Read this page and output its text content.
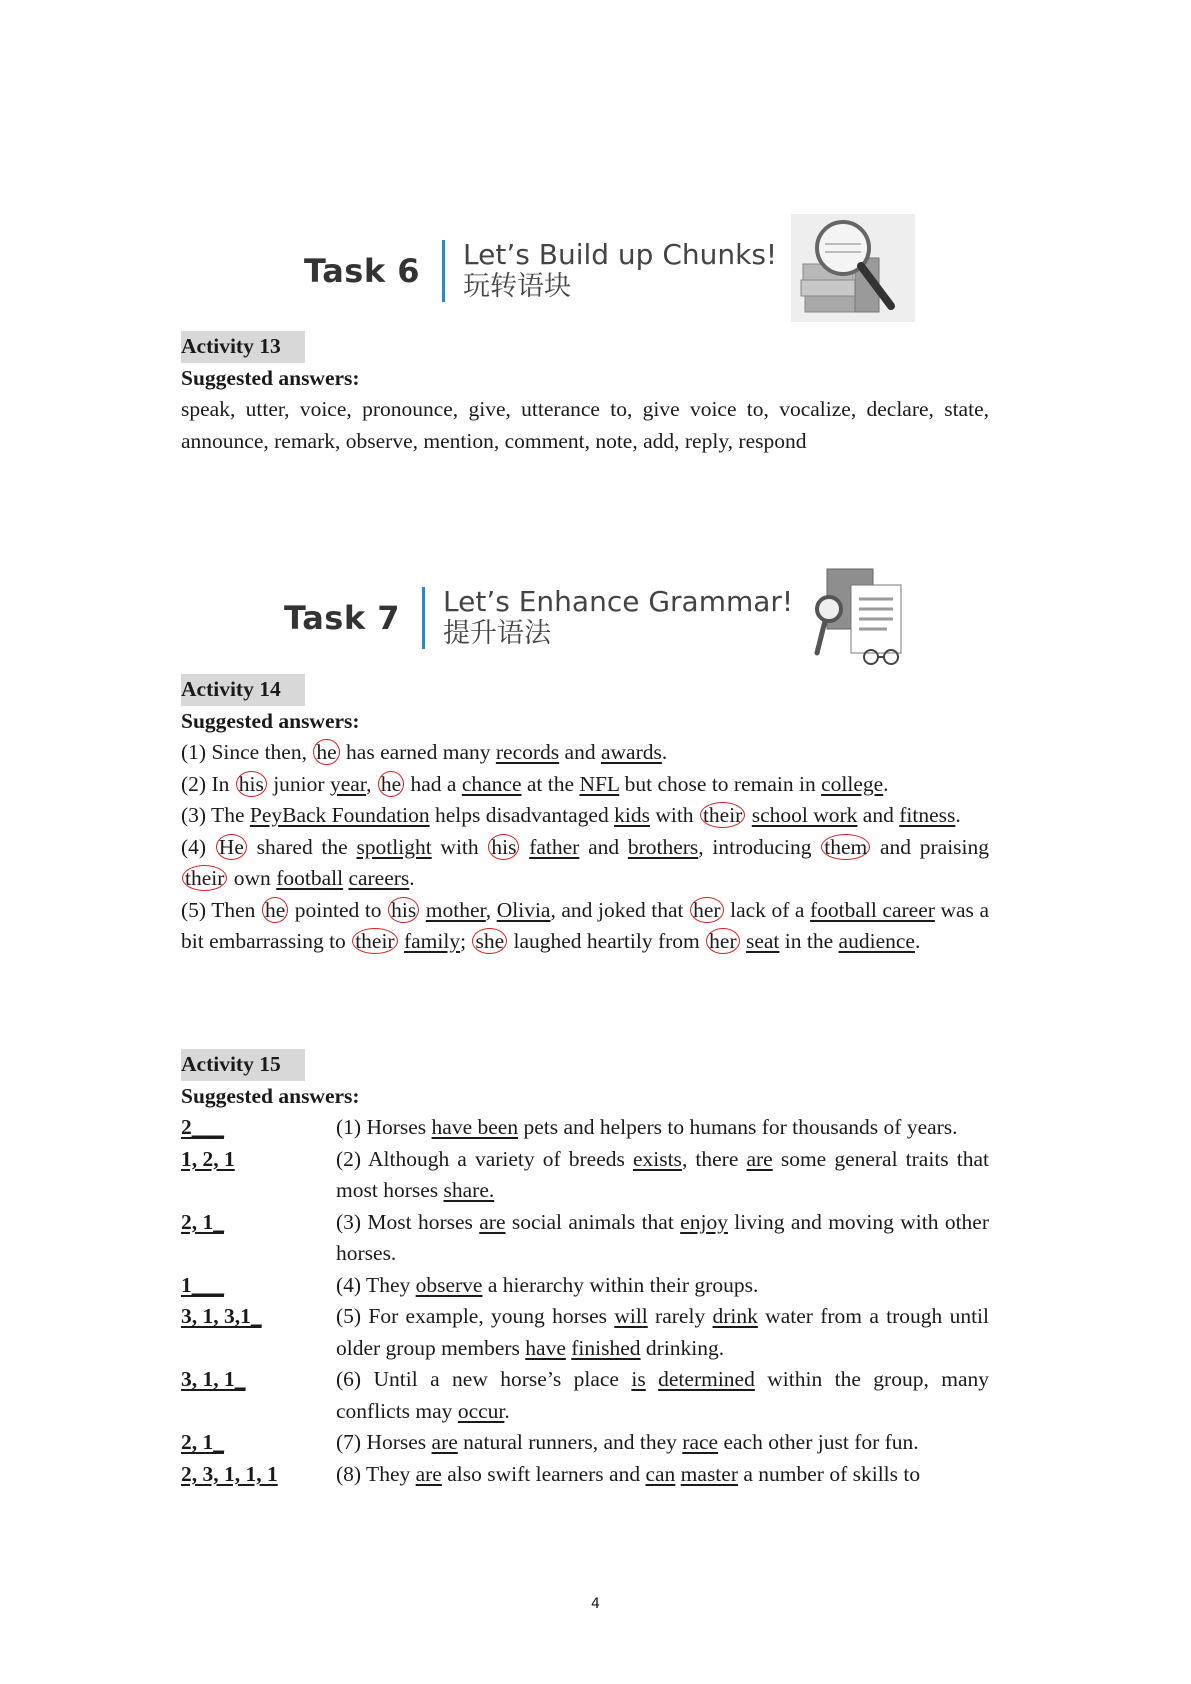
Task 6 Let’s Build up Chunks!
玩转语块
Activity 13

Suggested answers:

speak, utter, voice, pronounce, give, utterance to, give voice to, vocalize, declare, state, announce, remark, observe, mention, comment, note, add, reply, respond

Task 7 Let’s Enhance Grammar!
提升语法
Activity 14

Suggested answers:

(1) Since then, he has earned many records and awards.

(2) In his junior year, he had a chance at the NFL but chose to remain in college.

(3) The PeyBack Foundation helps disadvantaged kids with their school work and fitness.

(4) He shared the spotlight with his father and brothers, introducing them and praising their own football careers.

(5) Then he pointed to his mother, Olivia, and joked that her lack of a football career was a bit embarrassing to their family; she laughed heartily from her seat in the audience.

Activity 15

Suggested answers:

2___	(1) Horses have been pets and helpers to humans for thousands of years.
1, 2, 1	(2) Although a variety of breeds exists, there are some general traits that most horses share.
2, 1_	(3) Most horses are social animals that enjoy living and moving with other horses.
1___	(4) They observe a hierarchy within their groups.
3, 1, 3,1_	(5) For example, young horses will rarely drink water from a trough until older group members have finished drinking.
3, 1, 1_	(6) Until a new horse’s place is determined within the group, many conflicts may occur.
2, 1_	(7) Horses are natural runners, and they race each other just for fun.
2, 3, 1, 1, 1	(8) They are also swift learners and can master a number of skills to
4
